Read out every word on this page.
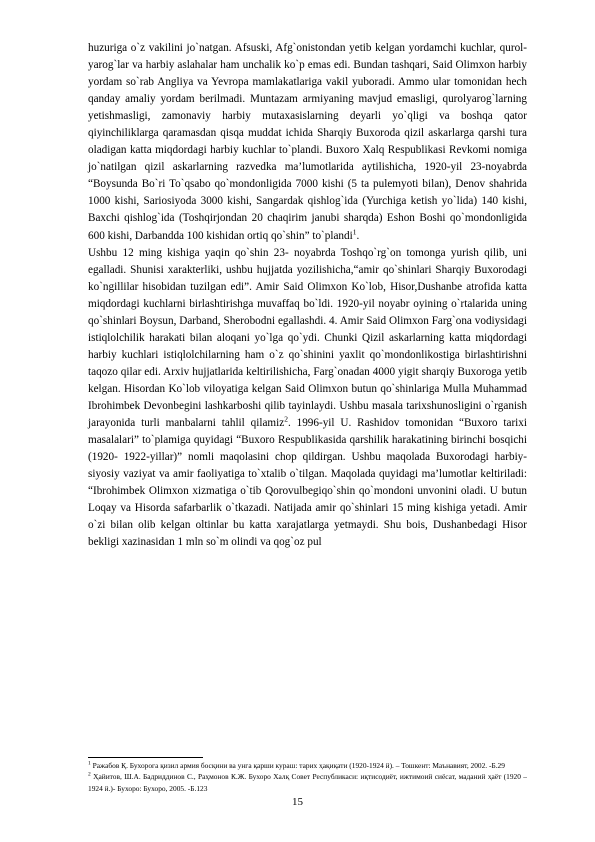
huzuriga o`z vakilini jo`natgan. Afsuski, Afg`onistondan yetib kelgan yordamchi kuchlar, qurol-yarog`lar va harbiy aslahalar ham unchalik ko`p emas edi. Bundan tashqari, Said Olimxon harbiy yordam so`rab Angliya va Yevropa mamlakatlariga vakil yuboradi. Ammo ular tomonidan hech qanday amaliy yordam berilmadi. Muntazam armiyaning mavjud emasligi, qurolyarog`larning yetishmasligi, zamonaviy harbiy mutaxasislarning deyarli yo`qligi va boshqa qator qiyinchiliklarga qaramasdan qisqa muddat ichida Sharqiy Buxoroda qizil askarlarga qarshi tura oladigan katta miqdordagi harbiy kuchlar to`plandi. Buxoro Xalq Respublikasi Revkomi nomiga jo`natilgan qizil askarlarning razvedka ma’lumotlarida aytilishicha, 1920-yil 23-noyabrda “Boysunda Bo`ri To`qsabo qo`mondonligida 7000 kishi (5 ta pulemyoti bilan), Denov shahrida 1000 kishi, Sariosiyoda 3000 kishi, Sangardak qishlog`ida (Yurchiga ketish yo`lida) 140 kishi, Baxchi qishlog`ida (Toshqirjondan 20 chaqirim janubi sharqda) Eshon Boshi qo`mondonligida 600 kishi, Darbandda 100 kishidan ortiq qo`shin” to`plandi$^1$.

Ushbu 12 ming kishiga yaqin qo`shin 23- noyabrda Toshqo`rg`on tomonga yurish qilib, uni egalladi. Shunisi xarakterliki, ushbu hujjatda yozilishicha,“amir qo`shinlari Sharqiy Buxorodagi ko`ngillilar hisobidan tuzilgan edi”. Amir Said Olimxon Ko`lob, Hisor,Dushanbe atrofida katta miqdordagi kuchlarni birlashtirishga muvaffaq bo`ldi. 1920-yil noyabr oyining o`rtalarida uning qo`shinlari Boysun, Darband, Sherobodni egallashdi. 4. Amir Said Olimxon Farg`ona vodiysidagi istiqlolchilik harakati bilan aloqani yo`lga qo`ydi. Chunki Qizil askarlarning katta miqdordagi harbiy kuchlari istiqlolchilarning ham o`z qo`shinini yaxlit qo`mondonlikostiga birlashtirishni taqozo qilar edi. Arxiv hujjatlarida keltirilishicha, Farg`onadan 4000 yigit sharqiy Buxoroga yetib kelgan. Hisordan Ko`lob viloyatiga kelgan Said Olimxon butun qo`shinlariga Mulla Muhammad Ibrohimbek Devonbegini lashkarboshi qilib tayinlaydi. Ushbu masala tarixshunosligini o`rganish jarayonida turli manbalarni tahlil qilamiz$^2$. 1996-yil U. Rashidov tomonidan “Buxoro tarixi masalalari” to`plamiga quyidagi “Buxoro Respublikasida qarshilik harakatining birinchi bosqichi (1920- 1922-yillar)” nomli maqolasini chop qildirgan. Ushbu maqolada Buxorodagi harbiy-siyosiy vaziyat va amir faoliyatiga to`xtalib o`tilgan. Maqolada quyidagi ma’lumotlar keltiriladi: “Ibrohimbek Olimxon xizmatiga o`tib Qorovulbegiqo`shin qo`mondoni unvonini oladi. U butun Loqay va Hisorda safarbarlik o`tkazadi. Natijada amir qo`shinlari 15 ming kishiga yetadi. Amir o`zi bilan olib kelgan oltinlar bu katta xarajatlarga yetmaydi. Shu bois, Dushanbedagi Hisor bekligi xazinasidan 1 mln so`m olindi va qog`oz pul

$^1$ Ражабов Қ. Бухорога қизил армия босқини ва унга қарши кураш: тарих ҳақиқати (1920-1924 й). – Тошкент: Маънавият, 2002. -Б.29

$^2$ Ҳайитов, Ш.А. Бадриддинов С., Раҳмонов К.Ж. Бухоро Халқ Совет Республикаси: иқтисодиёт, ижтимоий сиёсат, маданий ҳаёт (1920 – 1924 й.)- Бухоро: Бухоро, 2005. -Б.123

15
